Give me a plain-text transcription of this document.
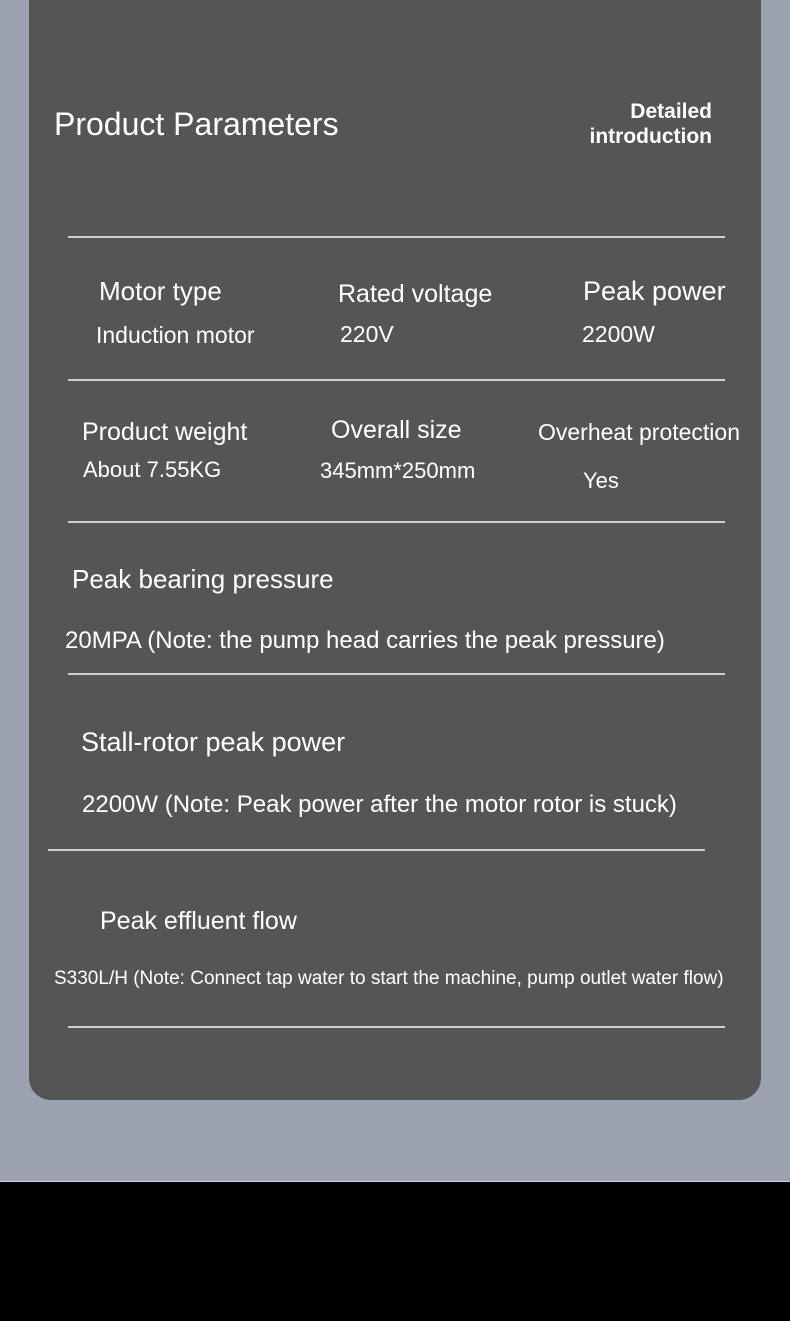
Product Parameters	Detailed introduction
Motor type
Induction motor
Rated voltage
220V
Peak power
2200W
Product weight
About 7.55KG
Overall size
345mm*250mm
Overheat protection
Yes
Peak bearing pressure
20MPA (Note: the pump head carries the peak pressure)
Stall-rotor peak power
2200W (Note: Peak power after the motor rotor is stuck)
Peak effluent flow
S330L/H (Note: Connect tap water to start the machine, pump outlet water flow)
